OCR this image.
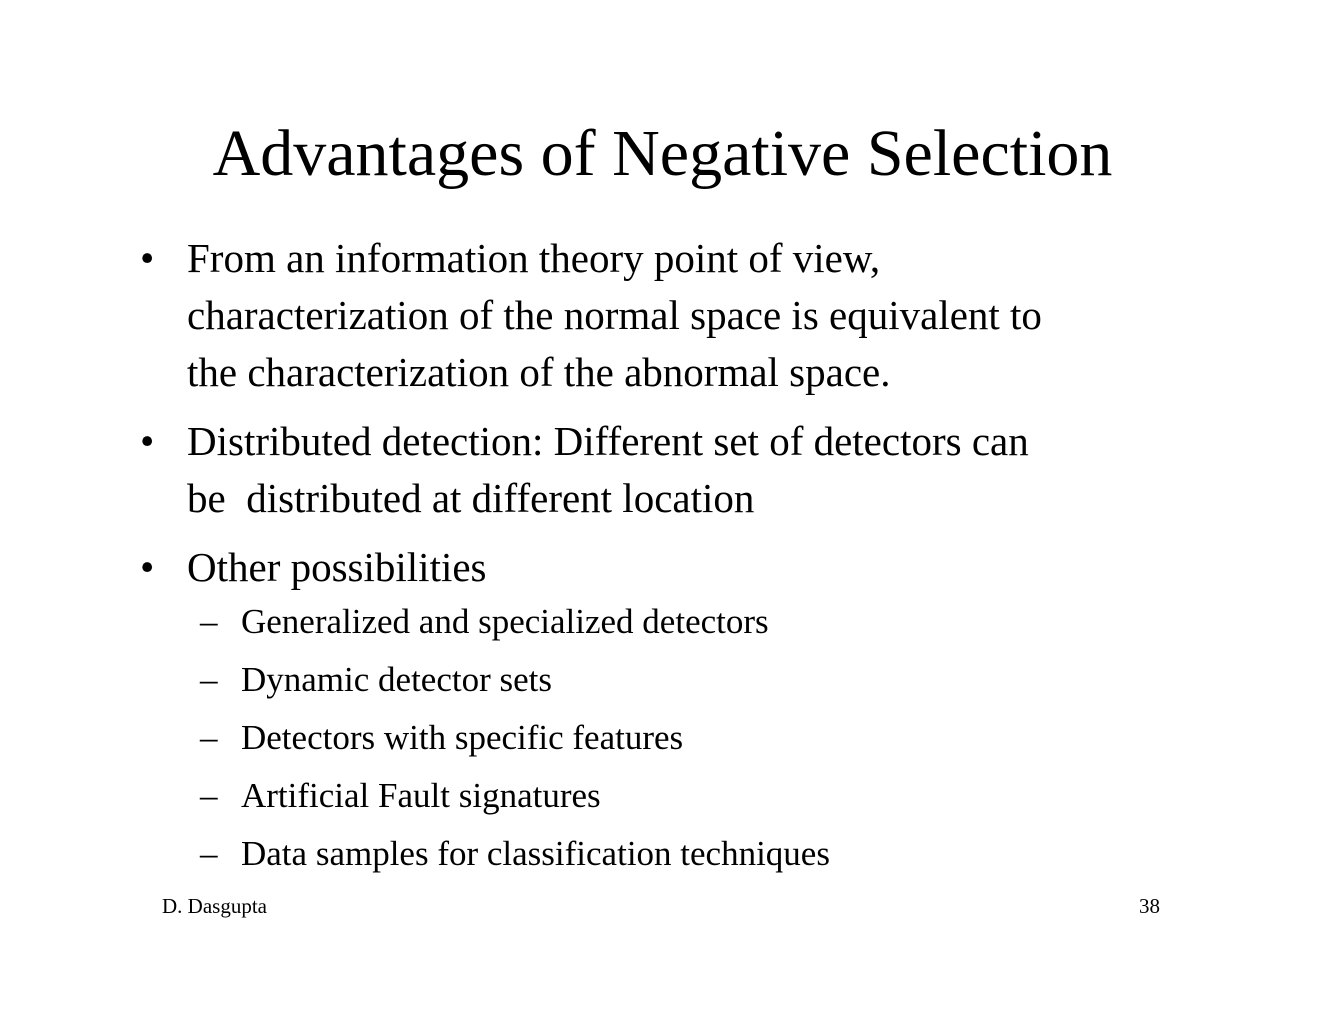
Advantages of Negative Selection
• From an information theory point of view,
characterization of the normal space is equivalent to
the characterization of the abnormal space.
• Distributed detection: Different set of detectors can
be  distributed at different location
• Other possibilities
– Generalized and specialized detectors
– Dynamic detector sets
– Detectors with specific features
– Artificial Fault signatures
– Data samples for classification techniques
D. Dasgupta	38
